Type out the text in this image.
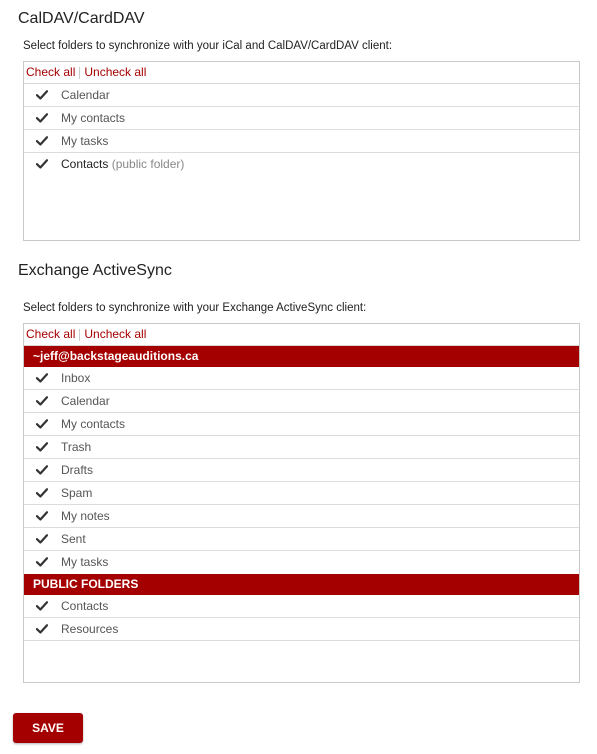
CalDAV/CardDAV
Select folders to synchronize with your iCal and CalDAV/CardDAV client:
Check all Uncheck all
Calendar
My contacts
My tasks
Contacts (public folder)
Exchange ActiveSync
Select folders to synchronize with your Exchange ActiveSync client:
Check all Uncheck all
~jeff@backstageauditions.ca
Inbox
Calendar
My contacts
Trash
Drafts
Spam
My notes
Sent
My tasks
PUBLIC FOLDERS
Contacts
Resources
SAVE
